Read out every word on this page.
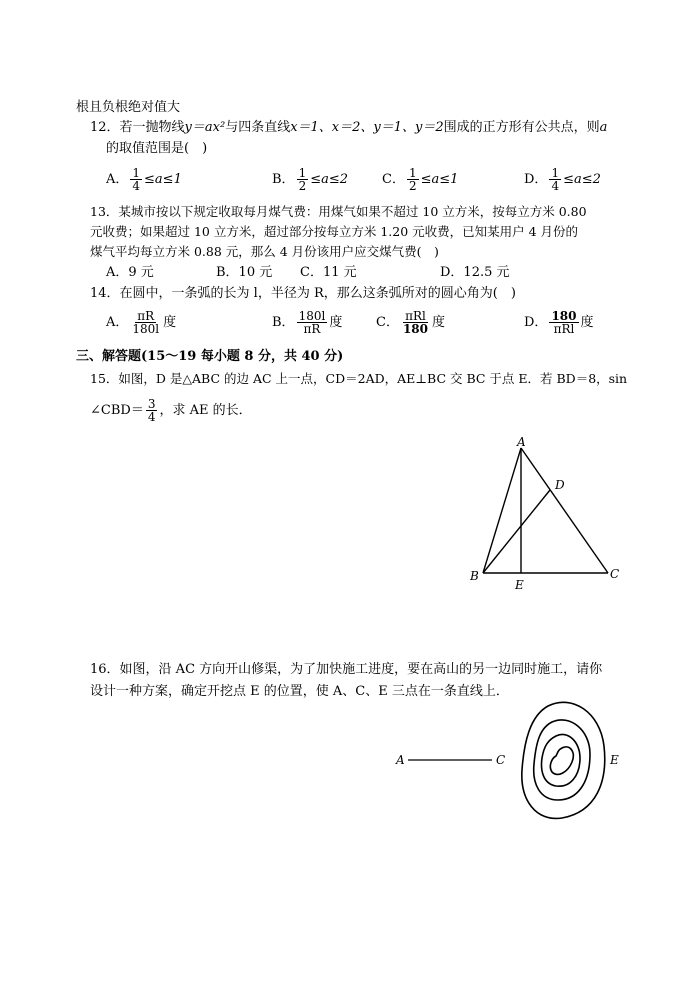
根且负根绝对值大
12．若一抛物线y＝ax²与四条直线x＝1、x＝2、y＝1、y＝2围成的正方形有公共点，则a
的取值范围是(　)
A． $\frac{1}{4} \le a\le 1$	B． $\frac{1}{2} \le a\le 2$	C． $\frac{1}{2} \le a\le 1$	D． $\frac{1}{4} \le a\le 2$
13．某城市按以下规定收取每月煤气费：用煤气如果不超过 10 立方米，按每立方米 0.80
元收费；如果超过 10 立方米，超过部分按每立方米 1.20 元收费，已知某用户 4 月份的
煤气平均每立方米 0.88 元，那么 4 月份该用户应交煤气费(　)
A．9 元	B．10 元 C．11 元	D．12.5 元
14．在圆中，一条弧的长为 l，半径为 R，那么这条弧所对的圆心角为(　)
A． $\frac{\pi R}{180l}$ 度	B． $\frac{180l}{\pi R}$ 度	C． $\frac{\text{πRl}}{180}$ 度	D． $\frac{180}{\text{πRl}}$ 度
三、解答题(15～19 每小题 8 分，共 40 分)
15．如图，D 是△ABC 的边 AC 上一点，CD＝2AD，AE⊥BC 交 BC 于点 E．若 BD＝8，sin
∠CBD＝ $\frac{3}{4}$ ，求 AE 的长．
A
B	C
D
E
16．如图，沿 AC 方向开山修渠，为了加快施工进度，要在高山的另一边同时施工，请你
设计一种方案，确定开挖点 E 的位置，使 A、C、E 三点在一条直线上．
A	C	E
